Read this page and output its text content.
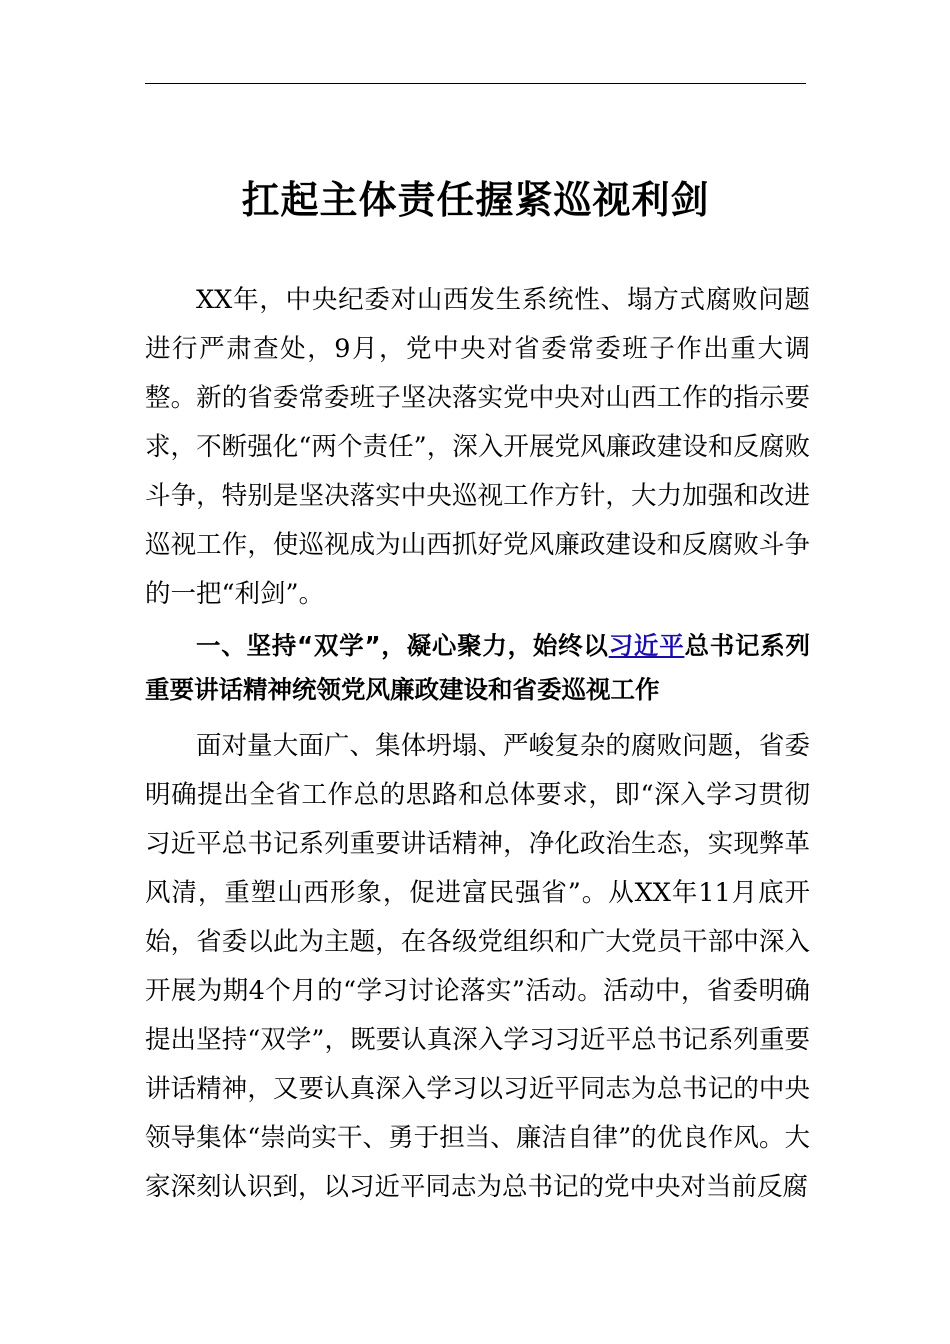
扛起主体责任握紧巡视利剑

XX年，中央纪委对山西发生系统性、塌方式腐败问题进行严肃查处，9月，党中央对省委常委班子作出重大调整。新的省委常委班子坚决落实党中央对山西工作的指示要求，不断强化“两个责任”，深入开展党风廉政建设和反腐败斗争，特别是坚决落实中央巡视工作方针，大力加强和改进巡视工作，使巡视成为山西抓好党风廉政建设和反腐败斗争的一把“利剑”。

一、坚持“双学”，凝心聚力，始终以习近平总书记系列重要讲话精神统领党风廉政建设和省委巡视工作

面对量大面广、集体坍塌、严峻复杂的腐败问题，省委明确提出全省工作总的思路和总体要求，即“深入学习贯彻习近平总书记系列重要讲话精神，净化政治生态，实现弊革风清，重塑山西形象，促进富民强省”。从XX年11月底开始，省委以此为主题，在各级党组织和广大党员干部中深入开展为期4个月的“学习讨论落实”活动。活动中，省委明确提出坚持“双学”，既要认真深入学习习近平总书记系列重要讲话精神，又要认真深入学习以习近平同志为总书记的中央领导集体“崇尚实干、勇于担当、廉洁自律”的优良作风。大家深刻认识到，以习近平同志为总书记的党中央对当前反腐
